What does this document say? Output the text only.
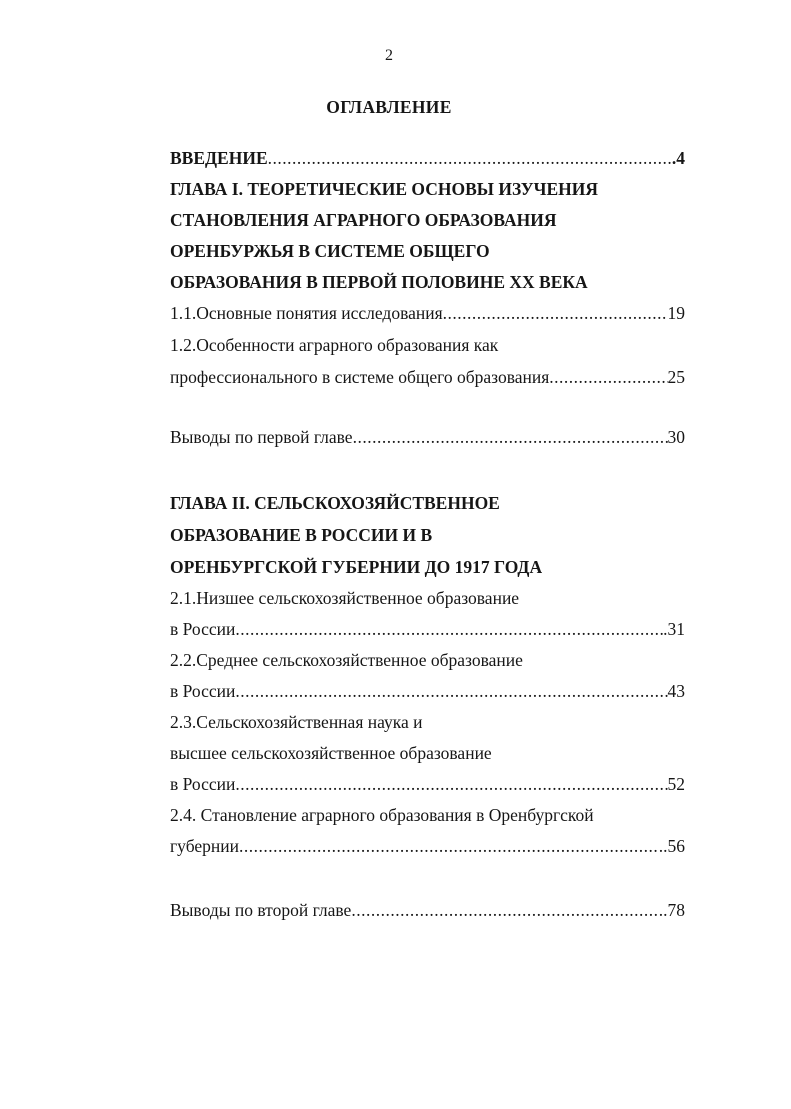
2
ОГЛАВЛЕНИЕ
ВВЕДЕНИЕ .....	.4
ГЛАВА I. ТЕОРЕТИЧЕСКИЕ ОСНОВЫ ИЗУЧЕНИЯ
СТАНОВЛЕНИЯ АГРАРНОГО ОБРАЗОВАНИЯ
ОРЕНБУРЖЬЯ В СИСТЕМЕ ОБЩЕГО
ОБРАЗОВАНИЯ В ПЕРВОЙ ПОЛОВИНЕ XX ВЕКА
1.1.Основные понятия исследования .....	19
1.2.Особенности аграрного образования как
профессионального в системе общего образования .....	25
Выводы по первой главе .....	30
ГЛАВА II. СЕЛЬСКОХОЗЯЙСТВЕННОЕ
ОБРАЗОВАНИЕ В РОССИИ И В
ОРЕНБУРГСКОЙ ГУБЕРНИИ ДО 1917 ГОДА
2.1.Низшее сельскохозяйственное образование
в России .....	.31
2.2.Среднее сельскохозяйственное образование
в России .....	43
2.3.Сельскохозяйственная наука и
высшее сельскохозяйственное образование
в России .....	52
2.4. Становление аграрного образования в Оренбургской
губернии .....	..56
Выводы по второй главе .....	..78
